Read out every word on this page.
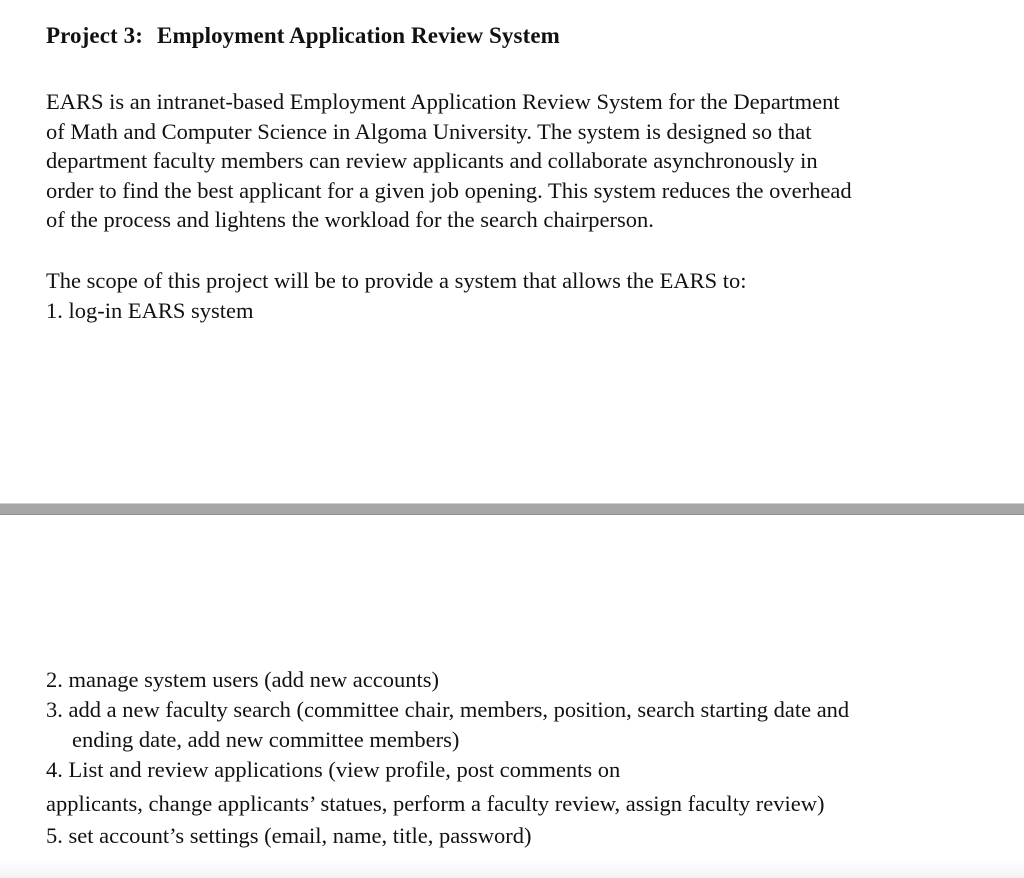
Project 3: Employment Application Review System
EARS is an intranet-based Employment Application Review System for the Department
of Math and Computer Science in Algoma University. The system is designed so that
department faculty members can review applicants and collaborate asynchronously in
order to find the best applicant for a given job opening. This system reduces the overhead
of the process and lightens the workload for the search chairperson.
The scope of this project will be to provide a system that allows the EARS to:
1. log-in EARS system
2. manage system users (add new accounts)
3. add a new faculty search (committee chair, members, position, search starting date and
ending date, add new committee members)
4. List and review applications (view profile, post comments on
applicants, change applicants’ statues, perform a faculty review, assign faculty review)
5. set account’s settings (email, name, title, password)
